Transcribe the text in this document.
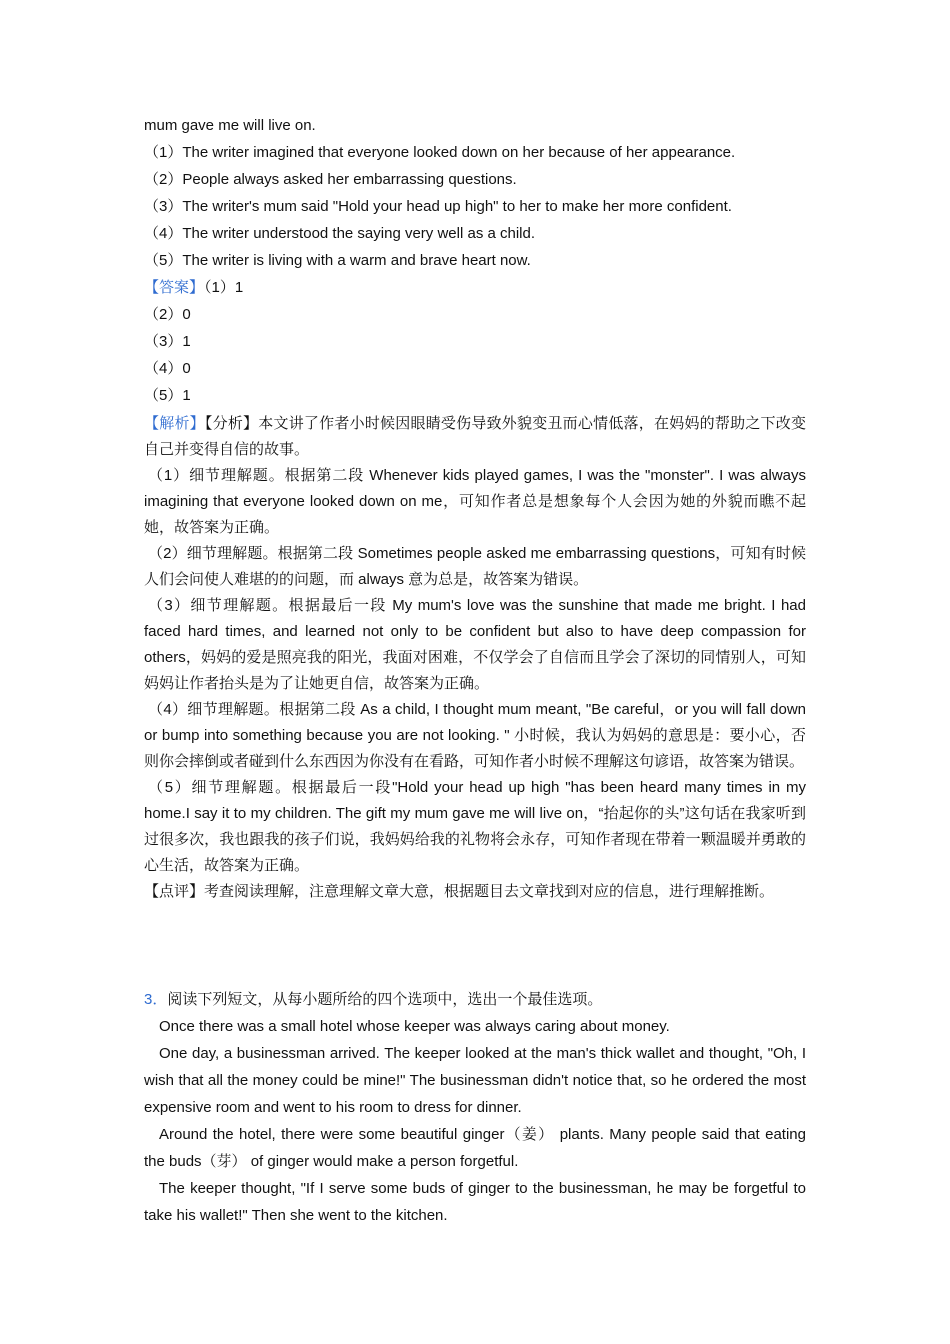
mum gave me will live on.
（1）The writer imagined that everyone looked down on her because of her appearance.
（2）People always asked her embarrassing questions.
（3）The writer's mum said "Hold your head up high" to her to make her more confident.
（4）The writer understood the saying very well as a child.
（5）The writer is living with a warm and brave heart now.
【答案】（1）1
（2）0
（3）1
（4）0
（5）1
【解析】【分析】本文讲了作者小时候因眼睛受伤导致外貌变丑而心情低落，在妈妈的帮助之下改变自己并变得自信的故事。
（1）细节理解题。根据第二段 Whenever kids played games, I was the "monster". I was always imagining that everyone looked down on me，可知作者总是想象每个人会因为她的外貌而瞧不起她，故答案为正确。
（2）细节理解题。根据第二段 Sometimes people asked me embarrassing questions，可知有时候人们会问使人难堪的的问题，而 always 意为总是，故答案为错误。
（3）细节理解题。根据最后一段 My mum's love was the sunshine that made me bright. I had faced hard times, and learned not only to be confident but also to have deep compassion for others，妈妈的爱是照亮我的阳光，我面对困难，不仅学会了自信而且学会了深切的同情别人，可知妈妈让作者抬头是为了让她更自信，故答案为正确。
（4）细节理解题。根据第二段 As a child, I thought mum meant, "Be careful，or you will fall down or bump into something because you are not looking. " 小时候，我认为妈妈的意思是：要小心，否则你会摔倒或者碰到什么东西因为你没有在看路，可知作者小时候不理解这句谚语，故答案为错误。
（5）细节理解题。根据最后一段"Hold your head up high "has been heard many times in my home.I say it to my children. The gift my mum gave me will live on，“抬起你的头”这句话在我家听到过很多次，我也跟我的孩子们说，我妈妈给我的礼物将会永存，可知作者现在带着一颗温暖并勇敢的心生活，故答案为正确。
【点评】考查阅读理解，注意理解文章大意，根据题目去文章找到对应的信息，进行理解推断。
3．阅读下列短文，从每小题所给的四个选项中，选出一个最佳选项。
Once there was a small hotel whose keeper was always caring about money.
One day, a businessman arrived. The keeper looked at the man's thick wallet and thought, "Oh, I wish that all the money could be mine!" The businessman didn't notice that, so he ordered the most expensive room and went to his room to dress for dinner.
Around the hotel, there were some beautiful ginger（姜） plants. Many people said that eating the buds（芽） of ginger would make a person forgetful.
The keeper thought, "If I serve some buds of ginger to the businessman, he may be forgetful to take his wallet!" Then she went to the kitchen.
